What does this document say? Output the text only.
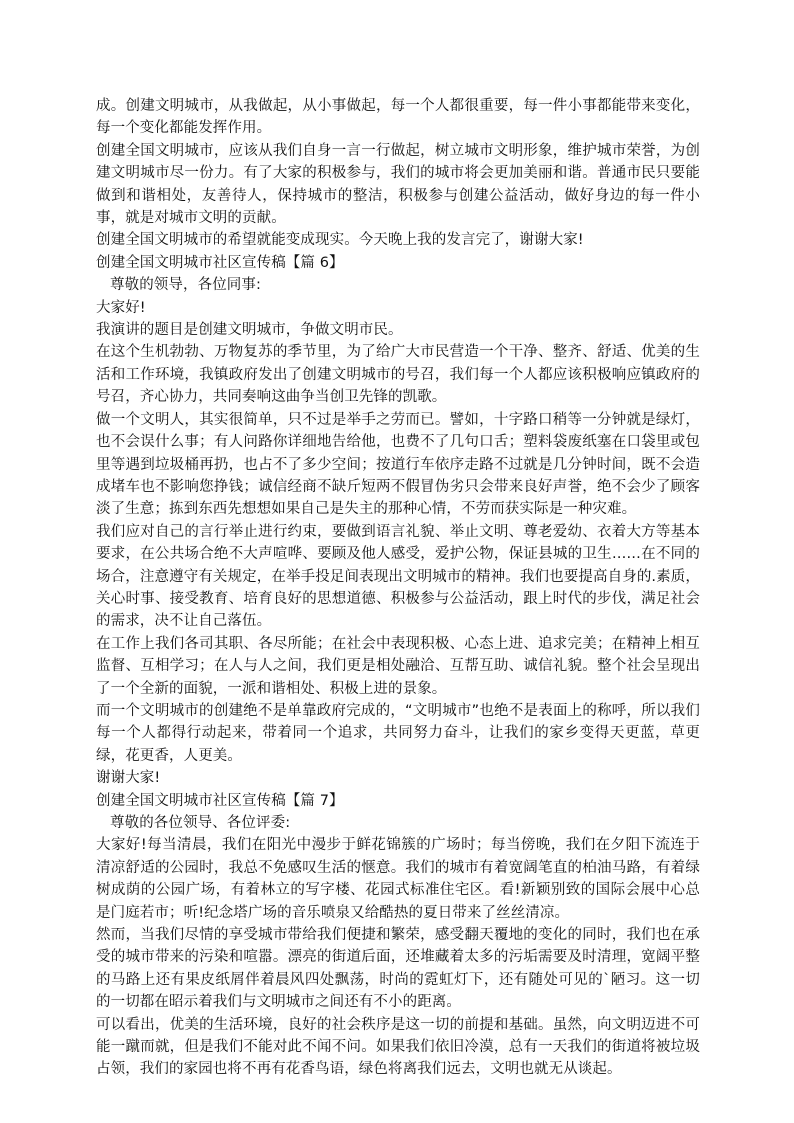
成。创建文明城市，从我做起，从小事做起，每一个人都很重要，每一件小事都能带来变化，每一个变化都能发挥作用。

创建全国文明城市，应该从我们自身一言一行做起，树立城市文明形象，维护城市荣誉，为创建文明城市尽一份力。有了大家的积极参与，我们的城市将会更加美丽和谐。普通市民只要能做到和谐相处，友善待人，保持城市的整洁，积极参与创建公益活动，做好身边的每一件小事，就是对城市文明的贡献。

创建全国文明城市的希望就能变成现实。今天晚上我的发言完了，谢谢大家!

创建全国文明城市社区宣传稿【篇 6】

尊敬的领导，各位同事:

大家好!

我演讲的题目是创建文明城市，争做文明市民。

在这个生机勃勃、万物复苏的季节里，为了给广大市民营造一个干净、整齐、舒适、优美的生活和工作环境，我镇政府发出了创建文明城市的号召，我们每一个人都应该积极响应镇政府的号召，齐心协力，共同奏响这曲争当创卫先锋的凯歌。

做一个文明人，其实很简单，只不过是举手之劳而已。譬如，十字路口稍等一分钟就是绿灯，也不会误什么事；有人问路你详细地告给他，也费不了几句口舌；塑料袋废纸塞在口袋里或包里等遇到垃圾桶再扔，也占不了多少空间；按道行车依序走路不过就是几分钟时间，既不会造成堵车也不影响您挣钱；诚信经商不缺斤短两不假冒伪劣只会带来良好声誉，绝不会少了顾客淡了生意；拣到东西先想想如果自己是失主的那种心情，不劳而获实际是一种灾难。

我们应对自己的言行举止进行约束，要做到语言礼貌、举止文明、尊老爱幼、衣着大方等基本要求，在公共场合绝不大声喧哗、要顾及他人感受，爱护公物，保证县城的卫生……在不同的场合，注意遵守有关规定，在举手投足间表现出文明城市的精神。我们也要提高自身的.素质，关心时事、接受教育、培育良好的思想道德、积极参与公益活动，跟上时代的步伐，满足社会的需求，决不让自己落伍。

在工作上我们各司其职、各尽所能；在社会中表现积极、心态上进、追求完美；在精神上相互监督、互相学习；在人与人之间，我们更是相处融洽、互帮互助、诚信礼貌。整个社会呈现出了一个全新的面貌，一派和谐相处、积极上进的景象。

而一个文明城市的创建绝不是单靠政府完成的，“文明城市”也绝不是表面上的称呼，所以我们每一个人都得行动起来，带着同一个追求，共同努力奋斗，让我们的家乡变得天更蓝，草更绿，花更香，人更美。

谢谢大家!

创建全国文明城市社区宣传稿【篇 7】

尊敬的各位领导、各位评委:

大家好!每当清晨，我们在阳光中漫步于鲜花锦簇的广场时；每当傍晚，我们在夕阳下流连于清凉舒适的公园时，我总不免感叹生活的惬意。我们的城市有着宽阔笔直的柏油马路，有着绿树成荫的公园广场，有着林立的写字楼、花园式标准住宅区。看!新颖别致的国际会展中心总是门庭若市；听!纪念塔广场的音乐喷泉又给酷热的夏日带来了丝丝清凉。

然而，当我们尽情的享受城市带给我们便捷和繁荣，感受翻天覆地的变化的同时，我们也在承受的城市带来的污染和喧嚣。漂亮的街道后面，还堆藏着太多的污垢需要及时清理，宽阔平整的马路上还有果皮纸屑伴着晨风四处飘荡，时尚的霓虹灯下，还有随处可见的`陋习。这一切的一切都在昭示着我们与文明城市之间还有不小的距离。

可以看出，优美的生活环境，良好的社会秩序是这一切的前提和基础。虽然，向文明迈进不可能一蹴而就，但是我们不能对此不闻不问。如果我们依旧冷漠，总有一天我们的街道将被垃圾占领，我们的家园也将不再有花香鸟语，绿色将离我们远去，文明也就无从谈起。
